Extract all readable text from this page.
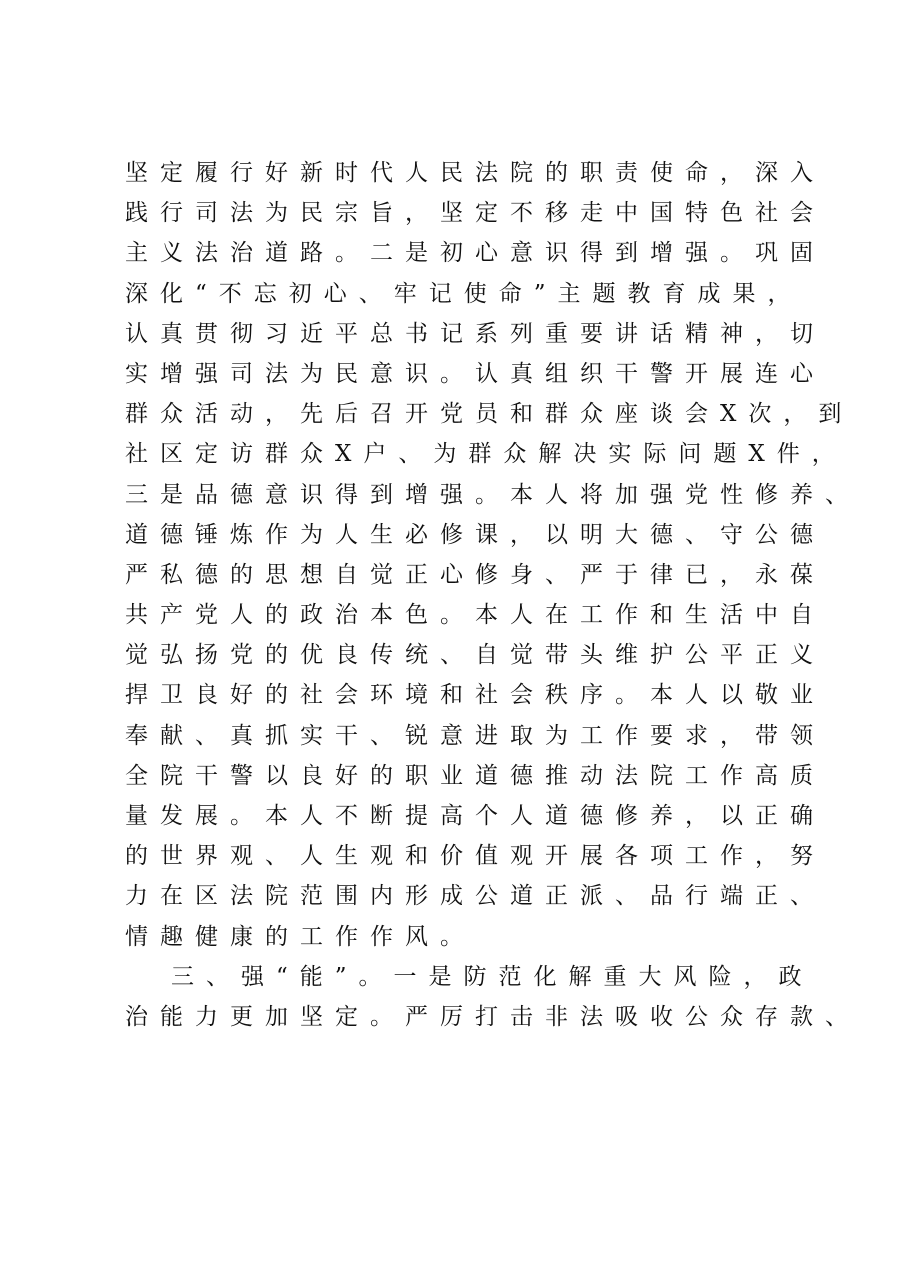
坚定履行好新时代人民法院的职责使命，深入
践行司法为民宗旨，坚定不移走中国特色社会
主义法治道路。二是初心意识得到增强。巩固
深化“不忘初心、牢记使命”主题教育成果，
认真贯彻习近平总书记系列重要讲话精神，切
实增强司法为民意识。认真组织干警开展连心
群众活动，先后召开党员和群众座谈会X次，到
社区定访群众X户、为群众解决实际问题X件，
三是品德意识得到增强。本人将加强党性修养、
道德锤炼作为人生必修课，以明大德、守公德
严私德的思想自觉正心修身、严于律已，永葆
共产党人的政治本色。本人在工作和生活中自
觉弘扬党的优良传统、自觉带头维护公平正义
捍卫良好的社会环境和社会秩序。本人以敬业
奉献、真抓实干、锐意进取为工作要求，带领
全院干警以良好的职业道德推动法院工作高质
量发展。本人不断提高个人道德修养，以正确
的世界观、人生观和价值观开展各项工作，努
力在区法院范围内形成公道正派、品行端正、
情趣健康的工作作风。
三、强“能”。一是防范化解重大风险，政
治能力更加坚定。严厉打击非法吸收公众存款、
